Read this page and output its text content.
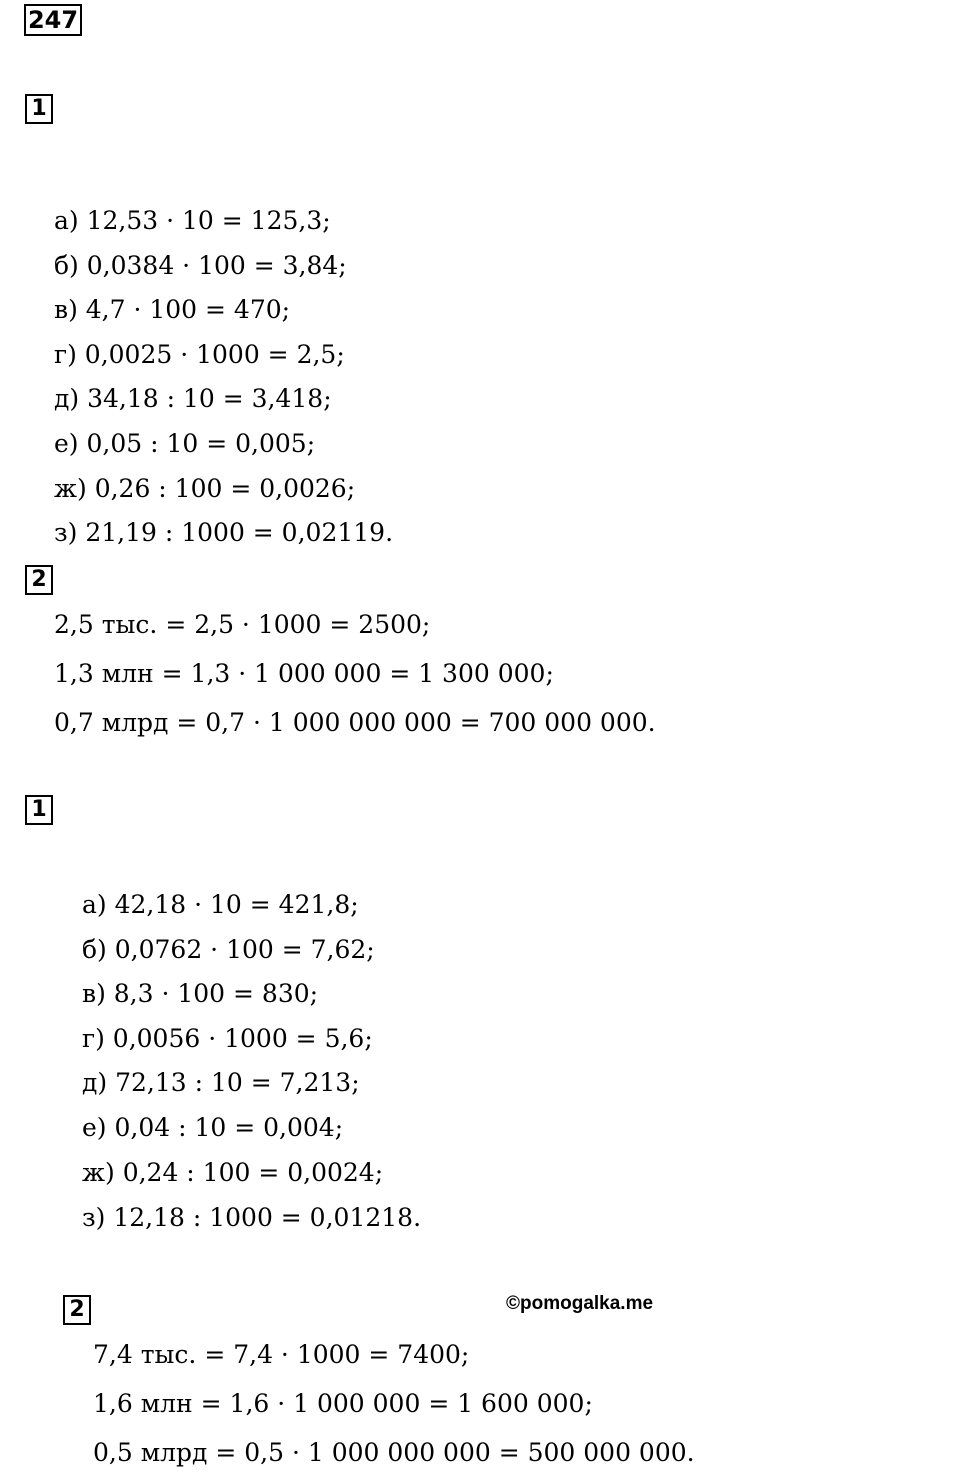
247
1
а) 12,53 · 10 = 125,3;
б) 0,0384 · 100 = 3,84;
в) 4,7 · 100 = 470;
г) 0,0025 · 1000 = 2,5;
д) 34,18 : 10 = 3,418;
е) 0,05 : 10 = 0,005;
ж) 0,26 : 100 = 0,0026;
з) 21,19 : 1000 = 0,02119.
2
2,5 тыс. = 2,5 · 1000 = 2500;
1,3 млн = 1,3 · 1 000 000 = 1 300 000;
0,7 млрд = 0,7 · 1 000 000 000 = 700 000 000.
1
а) 42,18 · 10 = 421,8;
б) 0,0762 · 100 = 7,62;
в) 8,3 · 100 = 830;
г) 0,0056 · 1000 = 5,6;
д) 72,13 : 10 = 7,213;
е) 0,04 : 10 = 0,004;
ж) 0,24 : 100 = 0,0024;
з) 12,18 : 1000 = 0,01218.
2	©pomogalka.me
7,4 тыс. = 7,4 · 1000 = 7400;
1,6 млн = 1,6 · 1 000 000 = 1 600 000;
0,5 млрд = 0,5 · 1 000 000 000 = 500 000 000.
